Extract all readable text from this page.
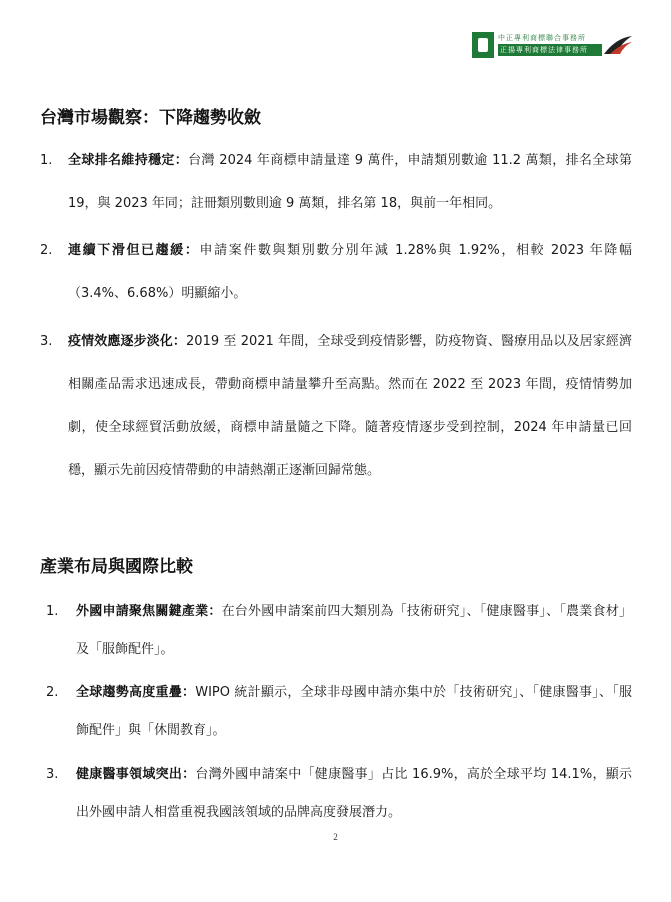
中正專利商標聯合事務所
正揚專利商標法律事務所
台灣市場觀察：下降趨勢收斂
1.	全球排名維持穩定：台灣 2024 年商標申請量達 9 萬件，申請類別數逾 11.2 萬類，排名全球第 19，與 2023 年同；註冊類別數則逾 9 萬類，排名第 18，與前一年相同。
2.	連續下滑但已趨緩：申請案件數與類別數分別年減 1.28%與 1.92%，相較 2023 年降幅（3.4%、6.68%）明顯縮小。
3.	疫情效應逐步淡化：2019 至 2021 年間，全球受到疫情影響，防疫物資、醫療用品以及居家經濟相關產品需求迅速成長，帶動商標申請量攀升至高點。然而在 2022 至 2023 年間，疫情情勢加劇，使全球經貿活動放緩，商標申請量隨之下降。隨著疫情逐步受到控制，2024 年申請量已回穩，顯示先前因疫情帶動的申請熱潮正逐漸回歸常態。
產業布局與國際比較
1.	外國申請聚焦關鍵產業：在台外國申請案前四大類別為「技術研究」、「健康醫事」、「農業食材」及「服飾配件」。
2.	全球趨勢高度重疊：WIPO 統計顯示，全球非母國申請亦集中於「技術研究」、「健康醫事」、「服飾配件」與「休閒教育」。
3.	健康醫事領域突出：台灣外國申請案中「健康醫事」占比 16.9%，高於全球平均 14.1%，顯示出外國申請人相當重視我國該領域的品牌高度發展潛力。
2
